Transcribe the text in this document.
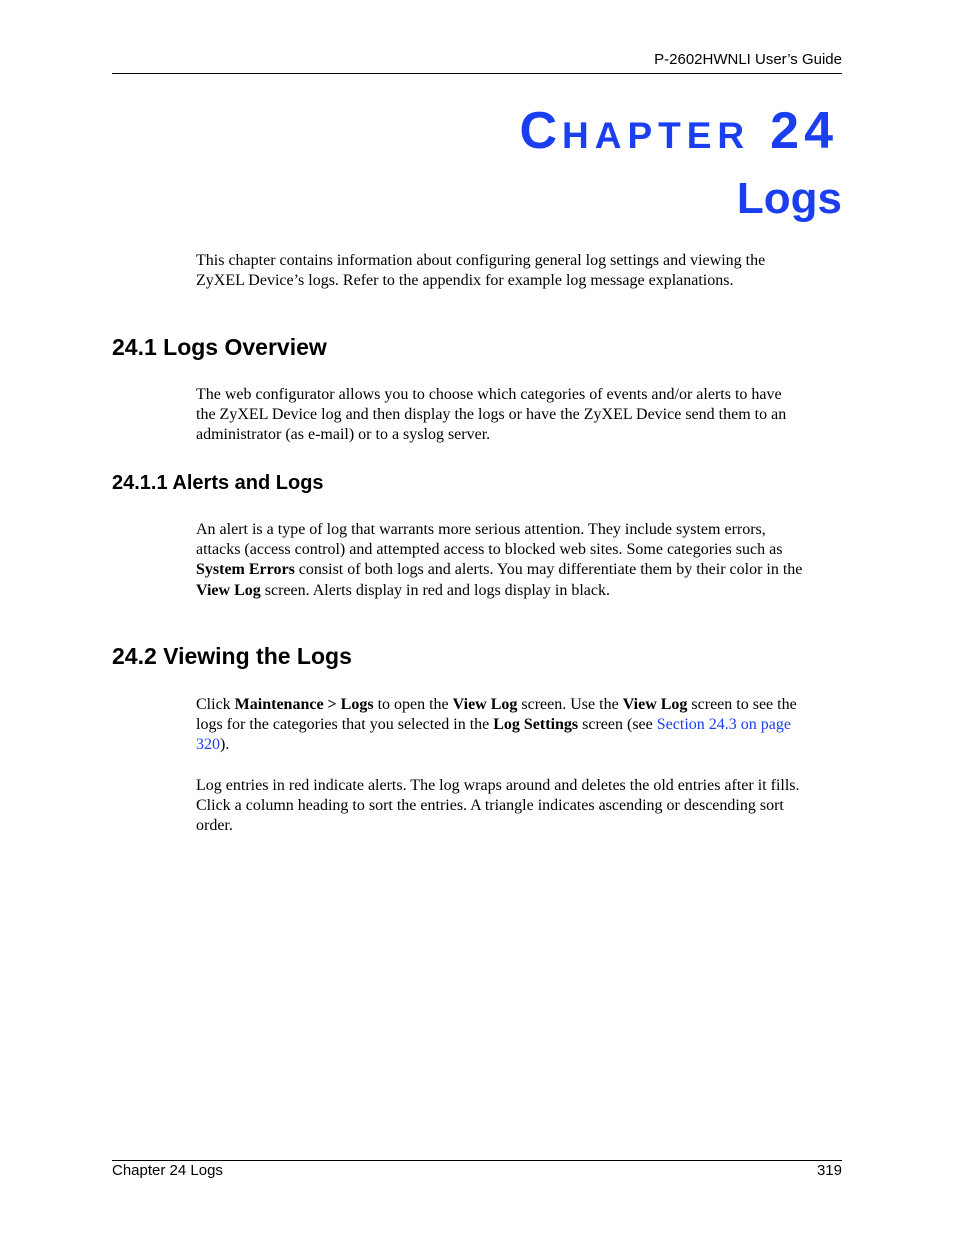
P-2602HWNLI User’s Guide
CHAPTER 24
Logs
This chapter contains information about configuring general log settings and viewing the
ZyXEL Device’s logs. Refer to the appendix for example log message explanations.
24.1 Logs Overview
The web configurator allows you to choose which categories of events and/or alerts to have
the ZyXEL Device log and then display the logs or have the ZyXEL Device send them to an
administrator (as e-mail) or to a syslog server.
24.1.1 Alerts and Logs
An alert is a type of log that warrants more serious attention. They include system errors,
attacks (access control) and attempted access to blocked web sites. Some categories such as
System Errors consist of both logs and alerts. You may differentiate them by their color in the
View Log screen. Alerts display in red and logs display in black.
24.2 Viewing the Logs
Click Maintenance > Logs to open the View Log screen. Use the View Log screen to see the
logs for the categories that you selected in the Log Settings screen (see Section 24.3 on page
320).
Log entries in red indicate alerts. The log wraps around and deletes the old entries after it fills.
Click a column heading to sort the entries. A triangle indicates ascending or descending sort
order.
Chapter 24 Logs	319
